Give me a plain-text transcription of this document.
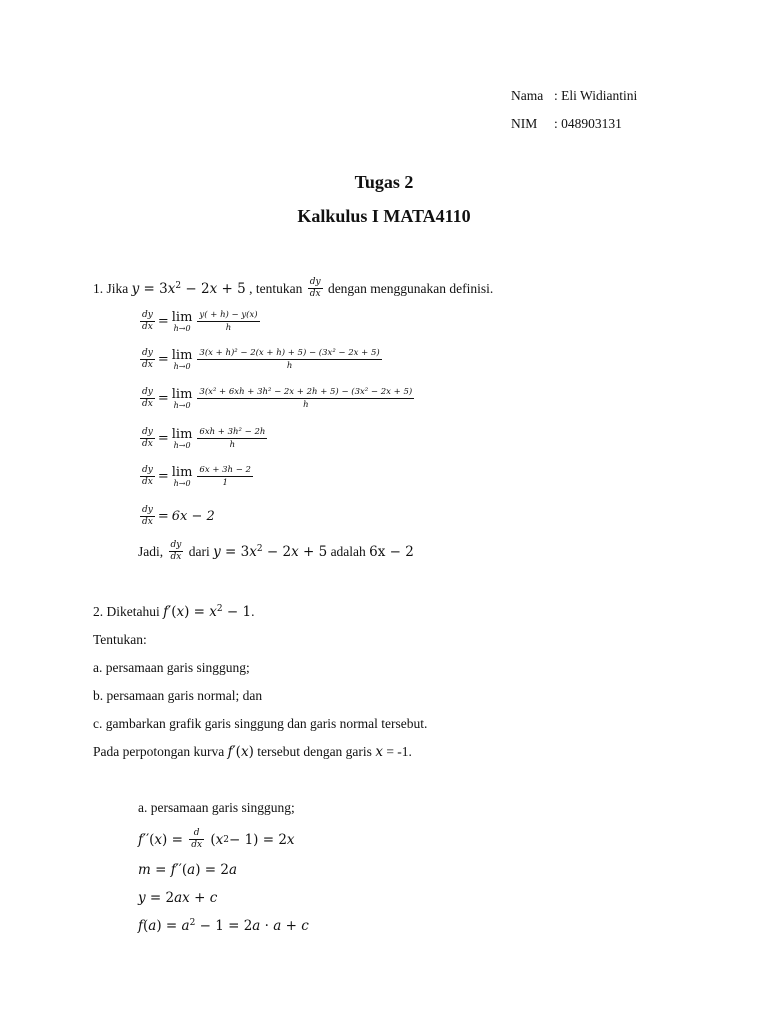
Nama : Eli Widiantini
NIM : 048903131
Tugas 2
Kalkulus I MATA4110
1. Jika
$y = 3x^2 - 2x + 5$
, tentukan
$\frac{dy}{dx}$
dengan menggunakan definisi.
$\frac{dy}{dx} = \lim$
$h\to 0 \frac{y( + h) - y(x)}{h}$
$\frac{dy}{dx} = \lim$
$h\to 0 \frac{\text{3(x + h)² − 2(x + h) + 5) − (3x² − 2x + 5)}}{h}$
$\frac{dy}{dx} = \lim$
$h\to 0 \frac{\text{3(x² + 6xh + 3h² − 2x + 2h + 5) − (3x² − 2x + 5)}}{h}$
$\frac{dy}{dx} = \lim$
$h\to 0 \frac{\text{6xh + 3h² − 2h}}{h}$
$\frac{dy}{dx} = \lim$
$h\to 0 \frac{6x + 3h - 2}{1}$
$\frac{dy}{dx} = 6x - 2$
Jadi,
$\frac{dy}{dx}$
dari
$y = 3x^2 - 2x + 5$
adalah
6x − 2
2. Diketahui $f'(x) = x^2 - 1$.
Tentukan:
a. persamaan garis singgung;
b. persamaan garis normal; dan
c. gambarkan grafik garis singgung dan garis normal tersebut.
Pada perpotongan kurva f′(x) tersebut dengan garis x = -1.
a. persamaan garis singgung;
f ′′( x ) = $\frac{d}{dx}$ ( x 2 − 1) = 2 x
m = f′′(a) = 2a
y = 2ax + c
$f(a) = a^2 - 1 = 2a \cdot a + c$
